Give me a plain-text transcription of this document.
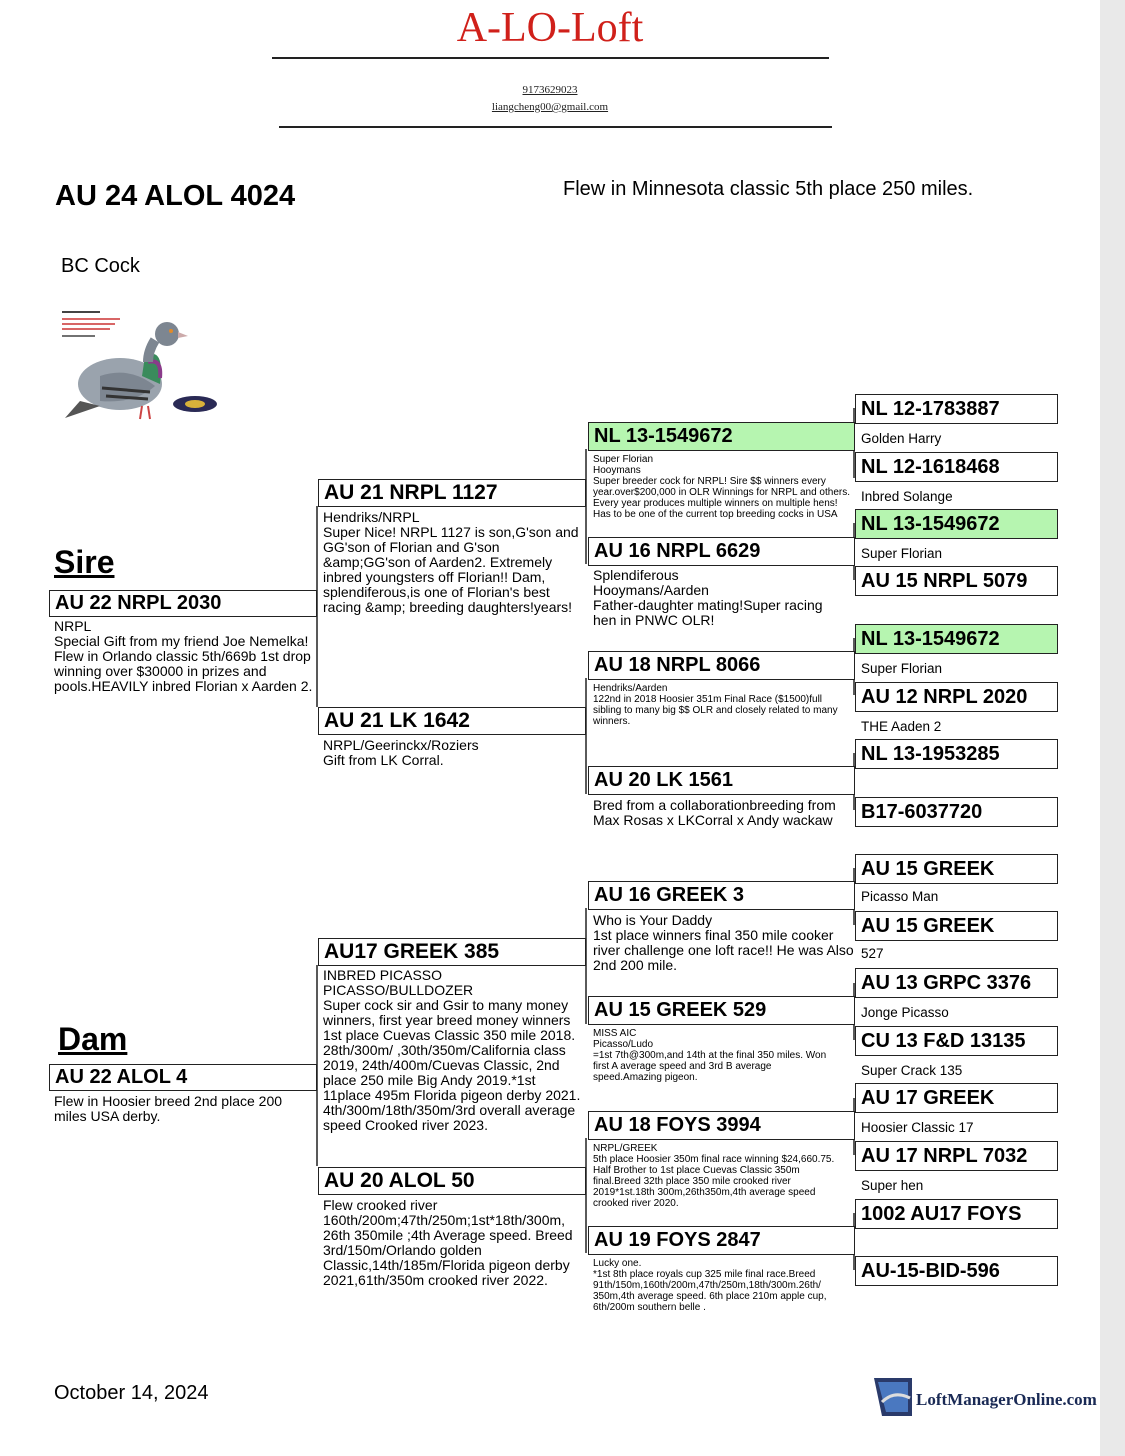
A-LO-Loft
9173629023
liangcheng00@gmail.com
AU 24 ALOL 4024	Flew in Minnesota classic 5th place 250 miles.
BC Cock
Sire
AU 22 NRPL 2030
NRPL
Special Gift from my friend Joe Nemelka! Flew in Orlando classic 5th/669b 1st drop winning over $30000 in prizes and pools.HEAVILY inbred Florian x Aarden 2.
Dam
AU 22 ALOL 4
Flew in Hoosier breed 2nd place 200 miles USA derby.
AU 21 NRPL 1127
Hendriks/NRPL
Super Nice! NRPL 1127 is son,G'son and GG'son of Florian and G'son &amp;GG'son of Aarden2. Extremely inbred youngsters off Florian!! Dam, splendiferous,is one of Florian's best racing &amp; breeding daughters!years!
AU 21 LK 1642
NRPL/Geerinckx/Roziers
Gift from LK Corral.
AU17 GREEK 385
INBRED PICASSO
PICASSO/BULLDOZER
Super cock sir and Gsir to many money winners, first year breed money winners 1st place Cuevas Classic 350 mile 2018. 28th/300m/ ,30th/350m/California class 2019, 24th/400m/Cuevas Classic, 2nd place 250 mile Big Andy 2019.*1st 11place 495m Florida pigeon derby 2021. 4th/300m/18th/350m/3rd overall average speed Crooked river 2023.
AU 20 ALOL 50
Flew crooked river 160th/200m;47th/250m;1st*18th/300m, 26th 350mile ;4th Average speed. Breed 3rd/150m/Orlando golden Classic,14th/185m/Florida pigeon derby 2021,61th/350m crooked river 2022.
NL 13-1549672
Super Florian
Hooymans
Super breeder cock for NRPL! Sire $$ winners every year.over$200,000 in OLR Winnings for NRPL and others. Every year produces multiple winners on multiple hens! Has to be one of the current top breeding cocks in USA
AU 16 NRPL 6629
Splendiferous
Hooymans/Aarden
Father-daughter mating!Super racing hen in PNWC OLR!
AU 18 NRPL 8066
Hendriks/Aarden
122nd in 2018 Hoosier 351m Final Race ($1500)full sibling to many big $$ OLR and closely related to many winners.
AU 20 LK 1561
Bred from a collaborationbreeding from Max Rosas x LKCorral x Andy wackaw
AU 16 GREEK 3
Who is Your Daddy
1st place winners final 350 mile cooker river challenge one loft race!! He was Also 2nd 200 mile.
AU 15 GREEK 529
MISS AIC
Picasso/Ludo
=1st 7th@300m,and 14th at the final 350 miles. Won first A average speed and 3rd B average speed.Amazing pigeon.
AU 18 FOYS 3994
NRPL/GREEK
5th place Hoosier 350m final race winning $24,660.75. Half Brother to 1st place Cuevas Classic 350m final.Breed 32th place 350 mile crooked river 2019*1st.18th 300m,26th350m,4th average speed crooked river 2020.
AU 19 FOYS 2847
Lucky one.
*1st 8th place royals cup 325 mile final race.Breed 91th/150m,160th/200m,47th/250m,18th/300m.26th/ 350m,4th average speed. 6th place 210m apple cup, 6th/200m southern belle .
NL 12-1783887
Golden Harry
NL 12-1618468
Inbred Solange
NL 13-1549672
Super Florian
AU 15 NRPL 5079
NL 13-1549672
Super Florian
AU 12 NRPL 2020
THE Aaden 2
NL 13-1953285
B17-6037720
AU 15 GREEK
Picasso Man
AU 15 GREEK
527
AU 13 GRPC 3376
Jonge Picasso
CU 13 F&D 13135
Super Crack 135
AU 17 GREEK
Hoosier Classic 17
AU 17 NRPL 7032
Super hen
1002 AU17 FOYS
AU-15-BID-596
October 14, 2024	LoftManagerOnline.com
